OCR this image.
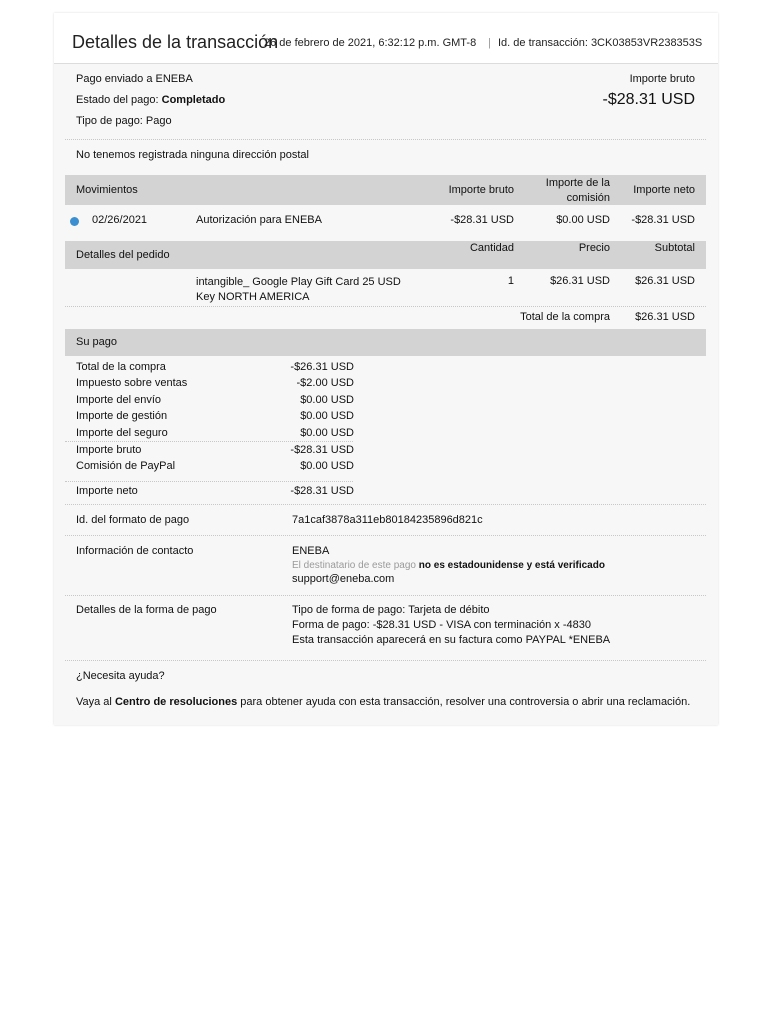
Detalles de la transacción
26 de febrero de 2021, 6:32:12 p.m. GMT-8 | Id. de transacción: 3CK03853VR238353S
Pago enviado a ENEBA
Estado del pago: Completado
Tipo de pago: Pago
Importe bruto
-$28.31 USD
No tenemos registrada ninguna dirección postal
Movimientos	Importe bruto
Importe de la
comisión
Importe neto
02/26/2021	Autorización para ENEBA	-$28.31 USD	$0.00 USD -$28.31 USD
Detalles del pedido
Cantidad	Precio	Subtotal
intangible_ Google Play Gift Card 25 USD
Key NORTH AMERICA
1	$26.31 USD $26.31 USD
Total de la compra $26.31 USD
Su pago
Total de la compra	-$26.31 USD
Impuesto sobre ventas	-$2.00 USD
Importe del envío	$0.00 USD
Importe de gestión	$0.00 USD
Importe del seguro	$0.00 USD
Importe bruto	-$28.31 USD
Comisión de PayPal	$0.00 USD
Importe neto	-$28.31 USD
Id. del formato de pago	7a1caf3878a311eb80184235896d821c
Información de contacto	ENEBA
El destinatario de este pago no es estadounidense y está verificado
support@eneba.com
Detalles de la forma de pago	Tipo de forma de pago: Tarjeta de débito
Forma de pago: -$28.31 USD - VISA con terminación x -4830
Esta transacción aparecerá en su factura como PAYPAL *ENEBA
¿Necesita ayuda?
Vaya al Centro de resoluciones para obtener ayuda con esta transacción, resolver una controversia o abrir una reclamación.
